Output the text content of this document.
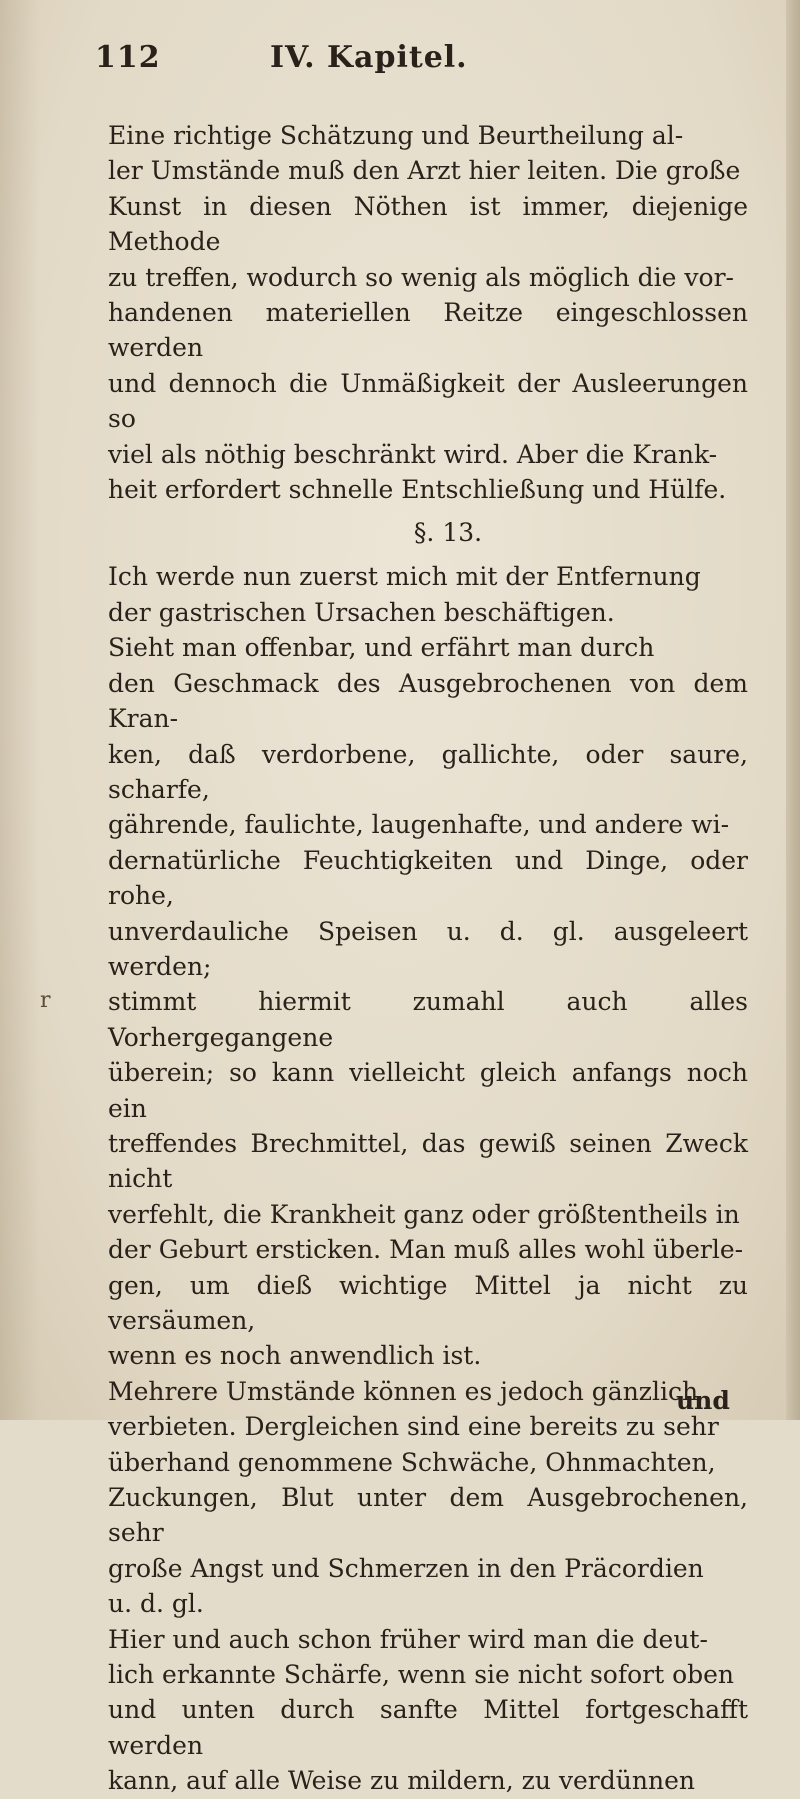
112	IV. Kapitel.

Eine richtige Schätzung und Beurtheilung al-

ler Umstände muß den Arzt hier leiten. Die große

Kunst in diesen Nöthen ist immer, diejenige Methode

zu treffen, wodurch so wenig als möglich die vor-

handenen materiellen Reitze eingeschlossen werden

und dennoch die Unmäßigkeit der Ausleerungen so

viel als nöthig beschränkt wird. Aber die Krank-

heit erfordert schnelle Entschließung und Hülfe.

§. 13.

Ich werde nun zuerst mich mit der Entfernung

der gastrischen Ursachen beschäftigen.

Sieht man offenbar, und erfährt man durch

den Geschmack des Ausgebrochenen von dem Kran-

ken, daß verdorbene, gallichte, oder saure, scharfe,

gährende, faulichte, laugenhafte, und andere wi-

dernatürliche Feuchtigkeiten und Dinge, oder rohe,

unverdauliche Speisen u. d. gl. ausgeleert werden;

stimmt hiermit zumahl auch alles Vorhergegangene

überein; so kann vielleicht gleich anfangs noch ein

treffendes Brechmittel, das gewiß seinen Zweck nicht

verfehlt, die Krankheit ganz oder größtentheils in

der Geburt ersticken. Man muß alles wohl überle-

gen, um dieß wichtige Mittel ja nicht zu versäumen,

wenn es noch anwendlich ist.

Mehrere Umstände können es jedoch gänzlich

verbieten. Dergleichen sind eine bereits zu sehr

überhand genommene Schwäche, Ohnmachten,

Zuckungen, Blut unter dem Ausgebrochenen, sehr

große Angst und Schmerzen in den Präcordien

u. d. gl.

Hier und auch schon früher wird man die deut-

lich erkannte Schärfe, wenn sie nicht sofort oben

und unten durch sanfte Mittel fortgeschafft werden

kann, auf alle Weise zu mildern, zu verdünnen

r
und
